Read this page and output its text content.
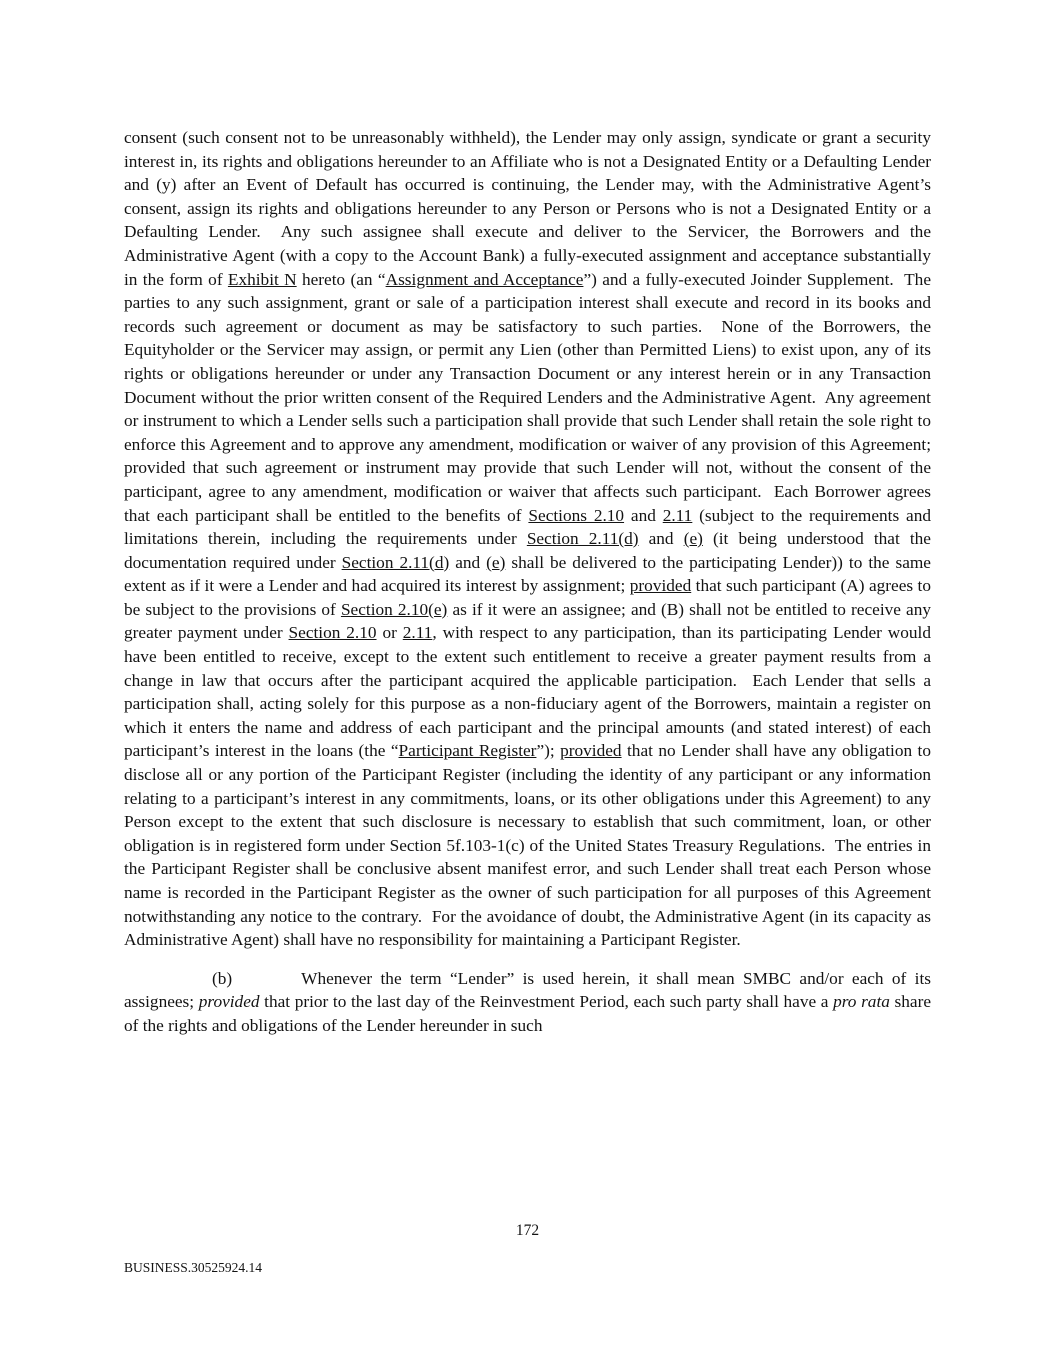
consent (such consent not to be unreasonably withheld), the Lender may only assign, syndicate or grant a security interest in, its rights and obligations hereunder to an Affiliate who is not a Designated Entity or a Defaulting Lender and (y) after an Event of Default has occurred is continuing, the Lender may, with the Administrative Agent’s consent, assign its rights and obligations hereunder to any Person or Persons who is not a Designated Entity or a Defaulting Lender.  Any such assignee shall execute and deliver to the Servicer, the Borrowers and the Administrative Agent (with a copy to the Account Bank) a fully-executed assignment and acceptance substantially in the form of Exhibit N hereto (an “Assignment and Acceptance”) and a fully-executed Joinder Supplement.  The parties to any such assignment, grant or sale of a participation interest shall execute and record in its books and records such agreement or document as may be satisfactory to such parties.  None of the Borrowers, the Equityholder or the Servicer may assign, or permit any Lien (other than Permitted Liens) to exist upon, any of its rights or obligations hereunder or under any Transaction Document or any interest herein or in any Transaction Document without the prior written consent of the Required Lenders and the Administrative Agent.  Any agreement or instrument to which a Lender sells such a participation shall provide that such Lender shall retain the sole right to enforce this Agreement and to approve any amendment, modification or waiver of any provision of this Agreement; provided that such agreement or instrument may provide that such Lender will not, without the consent of the participant, agree to any amendment, modification or waiver that affects such participant.  Each Borrower agrees that each participant shall be entitled to the benefits of Sections 2.10 and 2.11 (subject to the requirements and limitations therein, including the requirements under Section 2.11(d) and (e) (it being understood that the documentation required under Section 2.11(d) and (e) shall be delivered to the participating Lender)) to the same extent as if it were a Lender and had acquired its interest by assignment; provided that such participant (A) agrees to be subject to the provisions of Section 2.10(e) as if it were an assignee; and (B) shall not be entitled to receive any greater payment under Section 2.10 or 2.11, with respect to any participation, than its participating Lender would have been entitled to receive, except to the extent such entitlement to receive a greater payment results from a change in law that occurs after the participant acquired the applicable participation.  Each Lender that sells a participation shall, acting solely for this purpose as a non-fiduciary agent of the Borrowers, maintain a register on which it enters the name and address of each participant and the principal amounts (and stated interest) of each participant’s interest in the loans (the “Participant Register”); provided that no Lender shall have any obligation to disclose all or any portion of the Participant Register (including the identity of any participant or any information relating to a participant’s interest in any commitments, loans, or its other obligations under this Agreement) to any Person except to the extent that such disclosure is necessary to establish that such commitment, loan, or other obligation is in registered form under Section 5f.103-1(c) of the United States Treasury Regulations.  The entries in the Participant Register shall be conclusive absent manifest error, and such Lender shall treat each Person whose name is recorded in the Participant Register as the owner of such participation for all purposes of this Agreement notwithstanding any notice to the contrary.  For the avoidance of doubt, the Administrative Agent (in its capacity as Administrative Agent) shall have no responsibility for maintaining a Participant Register.

(b)	Whenever the term “Lender” is used herein, it shall mean SMBC and/or each of its assignees; provided that prior to the last day of the Reinvestment Period, each such party shall have a pro rata share of the rights and obligations of the Lender hereunder in such

172
BUSINESS.30525924.14
